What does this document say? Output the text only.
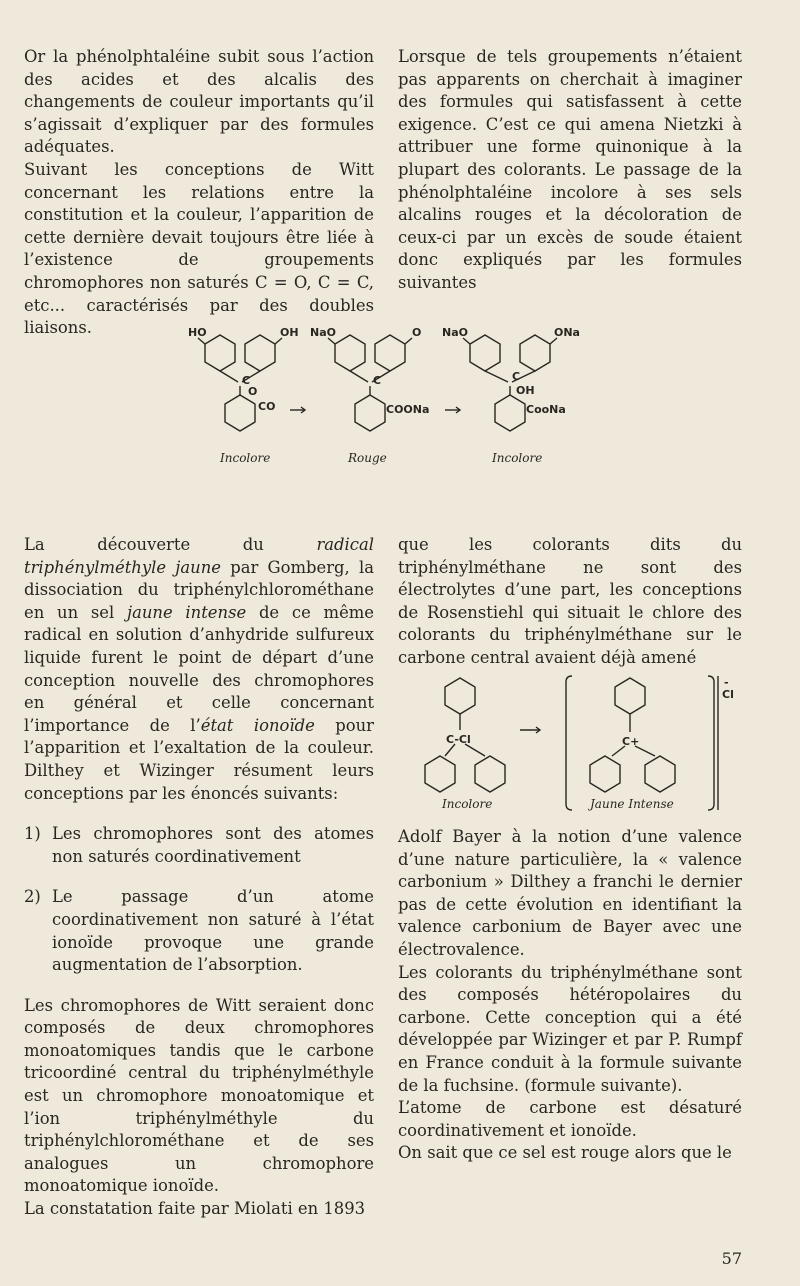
Or la phénolphtaléine subit sous l’action des acides et des alcalis des changements de couleur importants qu’il s’agissait d’expliquer par des formules adéquates.

Suivant les conceptions de Witt concernant les relations entre la constitution et la couleur, l’apparition de cette dernière devait toujours être liée à l’existence de groupements chromophores non saturés C = O, C = C, etc... caractérisés par des doubles liaisons.

Lorsque de tels groupements n’étaient pas apparents on cherchait à imaginer des formules qui satisfassent à cette exigence. C’est ce qui amena Nietzki à attribuer une forme quinonique à la plupart des colorants. Le passage de la phénolphtaléine incolore à ses sels alcalins rouges et la décoloration de ceux-ci par un excès de soude étaient donc expliqués par les formules suivantes

HO	OH
C
O
CO
NaO	O
C
COONa
NaO	ONa
C
OH
CooNa
Incolore	Rouge	Incolore

La découverte du radical triphénylméthyle jaune par Gomberg, la dissociation du triphénylchlorométhane en un sel jaune intense de ce même radical en solution d’anhydride sulfureux liquide furent le point de départ d’une conception nouvelle des chromophores en général et celle concernant l’importance de l’état ionoïde pour l’apparition et l’exaltation de la couleur. Dilthey et Wizinger résument leurs conceptions par les énoncés suivants:

1) Les chromophores sont des atomes non saturés coordinativement
2) Le passage d’un atome coordinativement non saturé à l’état ionoïde provoque une grande augmentation de l’absorption.

Les chromophores de Witt seraient donc composés de deux chromophores monoatomiques tandis que le carbone tricoordiné central du triphénylméthyle est un chromophore monoatomique et l’ion triphénylméthyle du triphénylchlorométhane et de ses analogues un chromophore monoatomique ionoïde.

La constatation faite par Miolati en 1893

que les colorants dits du triphénylméthane ne sont des électrolytes d’une part, les conceptions de Rosenstiehl qui situait le chlore des colorants du triphénylméthane sur le carbone central avaient déjà amené

C-Cl	C+
-
Cl
Incolore	Jaune Intense

Adolf Bayer à la notion d’une valence d’une nature particulière, la « valence carbonium » Dilthey a franchi le dernier pas de cette évolution en identifiant la valence carbonium de Bayer avec une électrovalence.

Les colorants du triphénylméthane sont des composés hétéropolaires du carbone. Cette conception qui a été développée par Wizinger et par P. Rumpf en France conduit à la formule suivante de la fuchsine. (formule suivante).

L’atome de carbone est désaturé coordinativement et ionoïde.

On sait que ce sel est rouge alors que le

57
